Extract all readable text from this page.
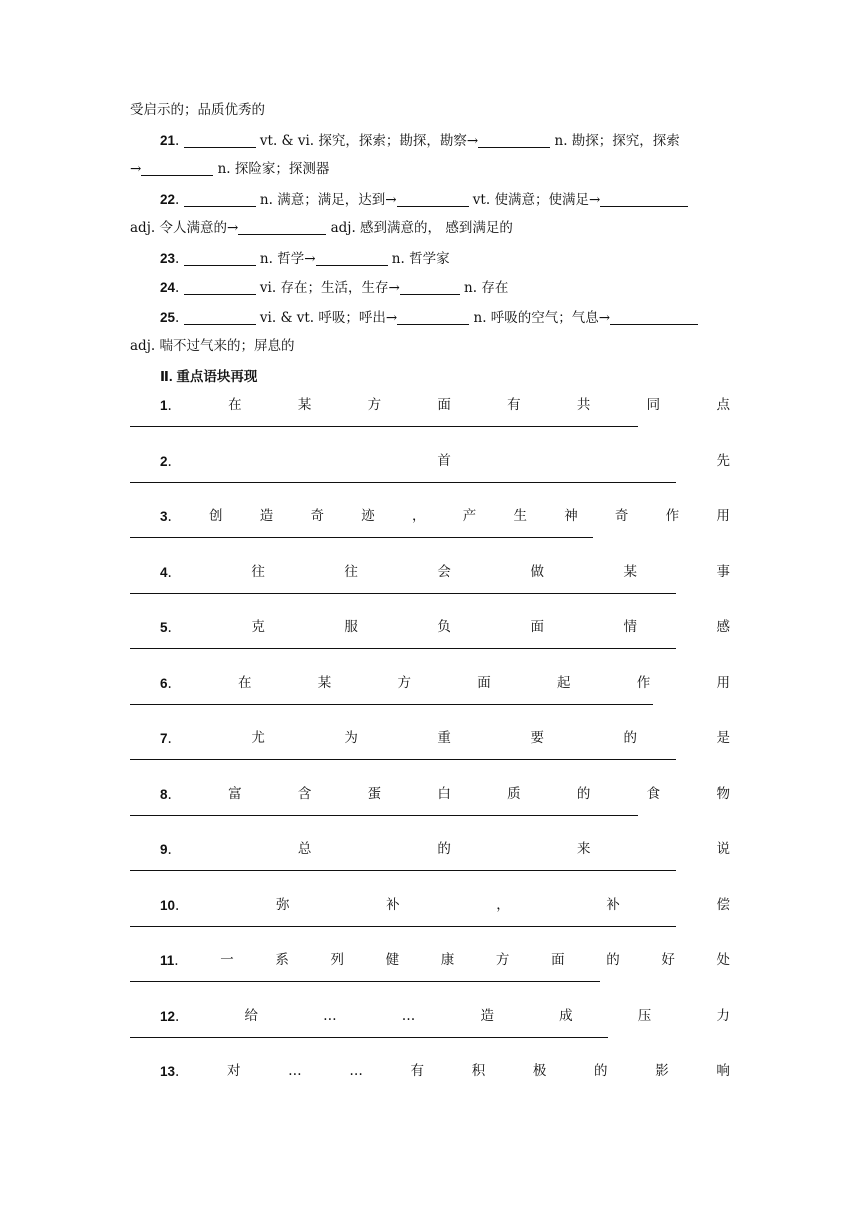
受启示的；品质优秀的
21.	vt. & vi. 探究，探索；勘探，勘察→	n. 勘探；探究，探索
→	n. 探险家；探测器
22.	n. 满意；满足，达到→	vt. 使满意；使满足→
adj. 令人满意的→	adj. 感到满意的， 感到满足的
23.	n. 哲学→	n. 哲学家
24.	vi. 存在；生活，生存→	n. 存在
25.	vi. & vt. 呼吸；呼出→	n. 呼吸的空气；气息→
adj. 喘不过气来的；屏息的
Ⅱ. 重点语块再现
1.	在	某	方	面	有	共	同	点
2.	首	先
3.	创	造	奇	迹	，	产	生	神	奇	作	用
4.	往	往	会	做	某	事
5.	克	服	负	面	情	感
6.	在	某	方	面	起	作	用
7.	尤	为	重	要	的	是
8.	富	含	蛋	白	质	的	食	物
9.	总	的	来	说
10.	弥	补	，	补	偿
11.	一	系	列	健	康	方	面	的	好	处
12.	给	…	…	造	成	压	力
13.	对	…	…	有	积	极	的	影	响
